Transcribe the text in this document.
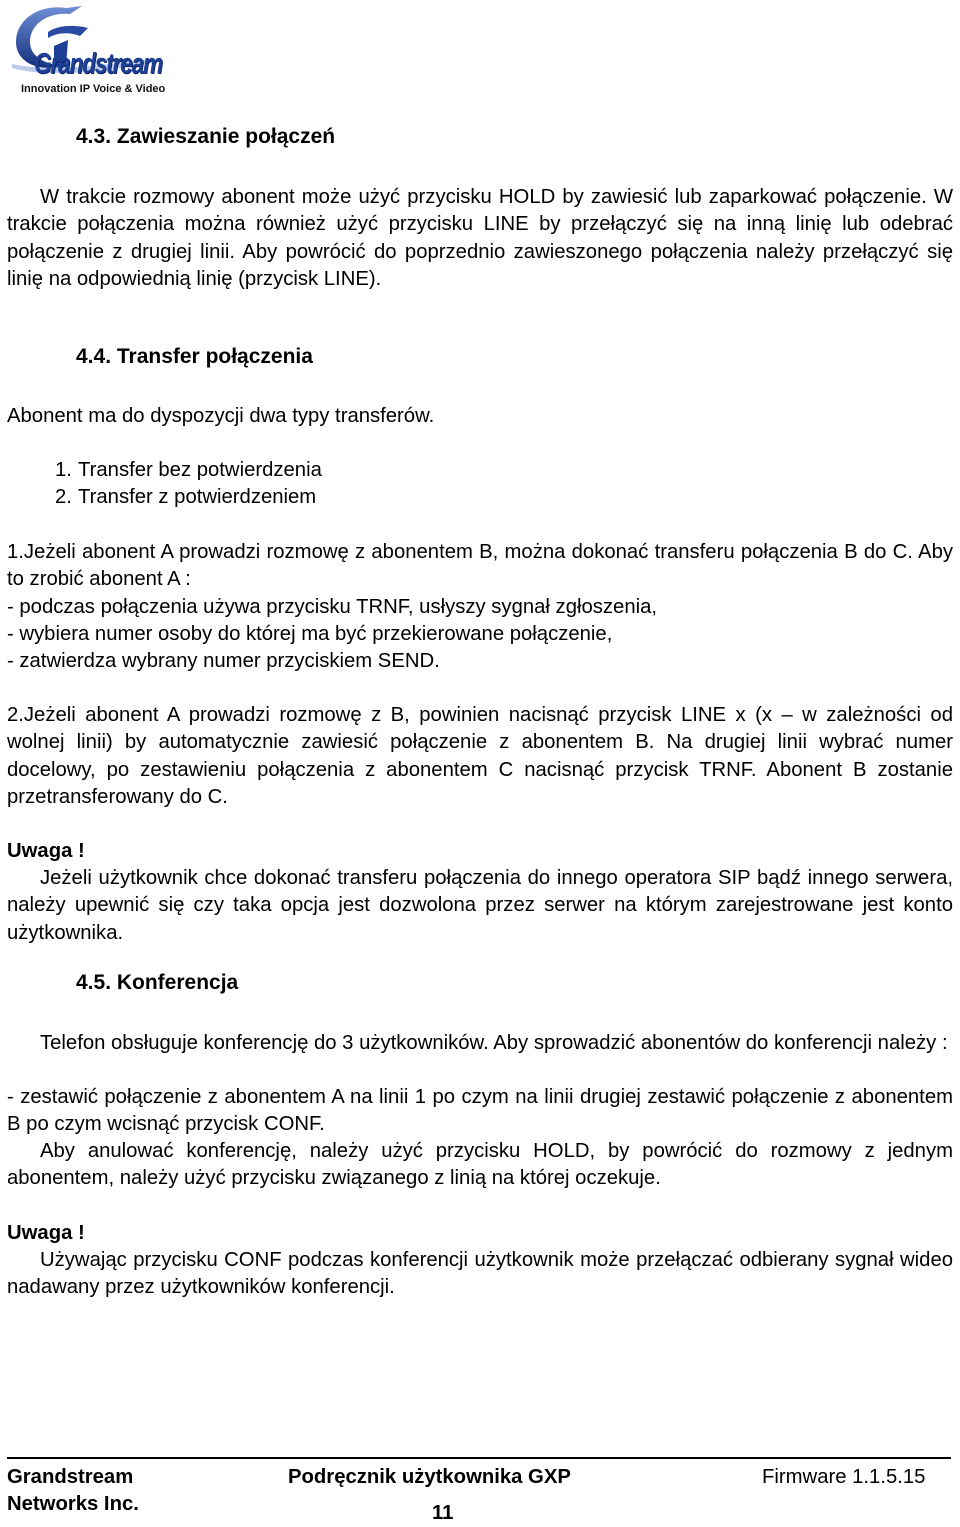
Grandstream
Innovation IP Voice & Video
4.3. Zawieszanie połączeń

W trakcie rozmowy abonent może użyć przycisku HOLD by zawiesić lub zaparkować połączenie. W trakcie połączenia można również użyć przycisku LINE by przełączyć się na inną linię lub odebrać połączenie z drugiej linii. Aby powrócić do poprzednio zawieszonego połączenia należy przełączyć się linię na odpowiednią linię (przycisk LINE).

4.4. Transfer połączenia

Abonent ma do dyspozycji dwa typy transferów.

1. Transfer bez potwierdzenia
2. Transfer z potwierdzeniem

1.Jeżeli abonent A prowadzi rozmowę z abonentem B, można dokonać transferu połączenia B do C. Aby to zrobić abonent A :
- podczas połączenia używa przycisku TRNF, usłyszy sygnał zgłoszenia,
- wybiera numer osoby do której ma być przekierowane połączenie,
- zatwierdza wybrany numer przyciskiem SEND.

2.Jeżeli abonent A prowadzi rozmowę z B, powinien nacisnąć przycisk LINE x (x – w zależności od wolnej linii) by automatycznie zawiesić połączenie z abonentem B. Na drugiej linii wybrać numer docelowy, po zestawieniu połączenia z abonentem C nacisnąć przycisk TRNF. Abonent B zostanie przetransferowany do C.

Uwaga !

Jeżeli użytkownik chce dokonać transferu połączenia do innego operatora SIP bądź innego serwera, należy upewnić się czy taka opcja jest dozwolona przez serwer na którym zarejestrowane jest konto użytkownika.

4.5. Konferencja

Telefon obsługuje konferencję do 3 użytkowników. Aby sprowadzić abonentów do konferencji należy :

- zestawić połączenie z abonentem A na linii 1 po czym na linii drugiej zestawić połączenie z abonentem B po czym wcisnąć przycisk CONF.

Aby anulować konferencję, należy użyć przycisku HOLD, by powrócić do rozmowy z jednym abonentem, należy użyć przycisku związanego z linią na której oczekuje.

Uwaga !

Używając przycisku CONF podczas konferencji użytkownik może przełączać odbierany sygnał wideo nadawany przez użytkowników konferencji.

Grandstream
Networks Inc.
Podręcznik użytkownika GXP	Firmware 1.1.5.15
11
